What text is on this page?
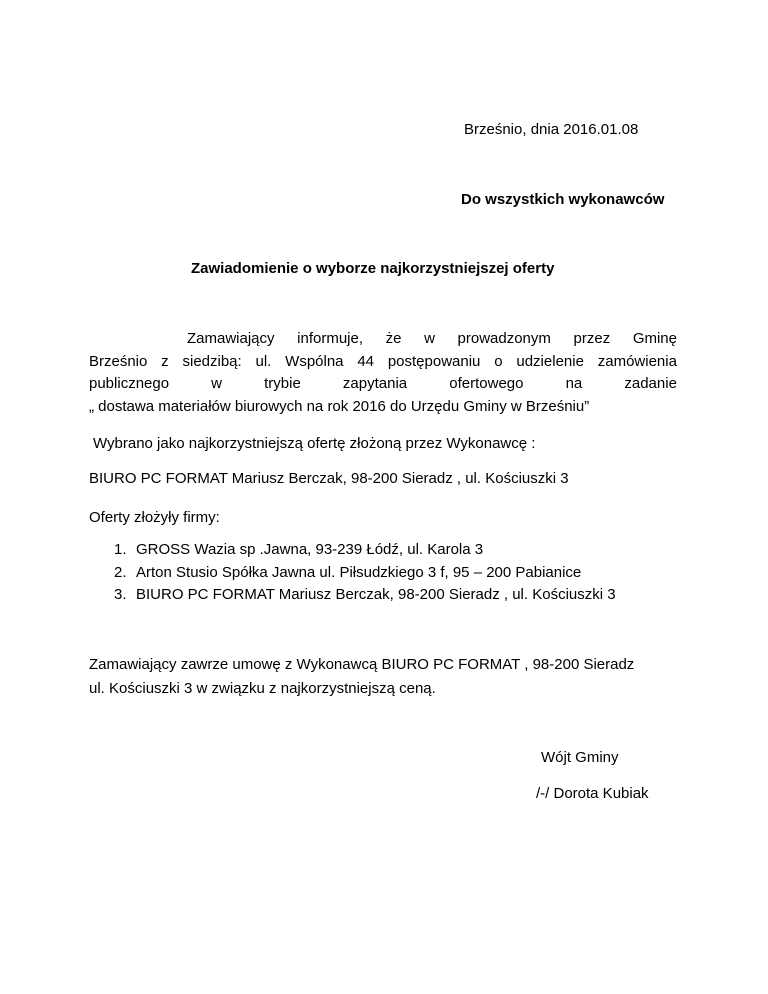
Brześnio, dnia 2016.01.08
Do wszystkich wykonawców
Zawiadomienie o wyborze najkorzystniejszej oferty
Zamawiający informuje, że w prowadzonym przez Gminę
Brześnio z siedzibą: ul. Wspólna 44 postępowaniu o udzielenie zamówienia
publicznego	w	trybie	zapytania	ofertowego	na	zadanie
„ dostawa materiałów biurowych na rok 2016 do Urzędu Gminy w Brześniu”
Wybrano jako najkorzystniejszą ofertę złożoną przez Wykonawcę :
BIURO PC FORMAT Mariusz Berczak, 98-200 Sieradz , ul. Kościuszki 3
Oferty złożyły firmy:
1. GROSS Wazia sp .Jawna, 93-239 Łódź, ul. Karola 3
2. Arton Stusio Spółka Jawna ul. Piłsudzkiego 3 f, 95 – 200 Pabianice
3. BIURO PC FORMAT Mariusz Berczak, 98-200 Sieradz , ul. Kościuszki 3
Zamawiający zawrze umowę z Wykonawcą BIURO PC FORMAT , 98-200 Sieradz
ul. Kościuszki 3 w związku z najkorzystniejszą ceną.
Wójt Gminy
/-/ Dorota Kubiak
